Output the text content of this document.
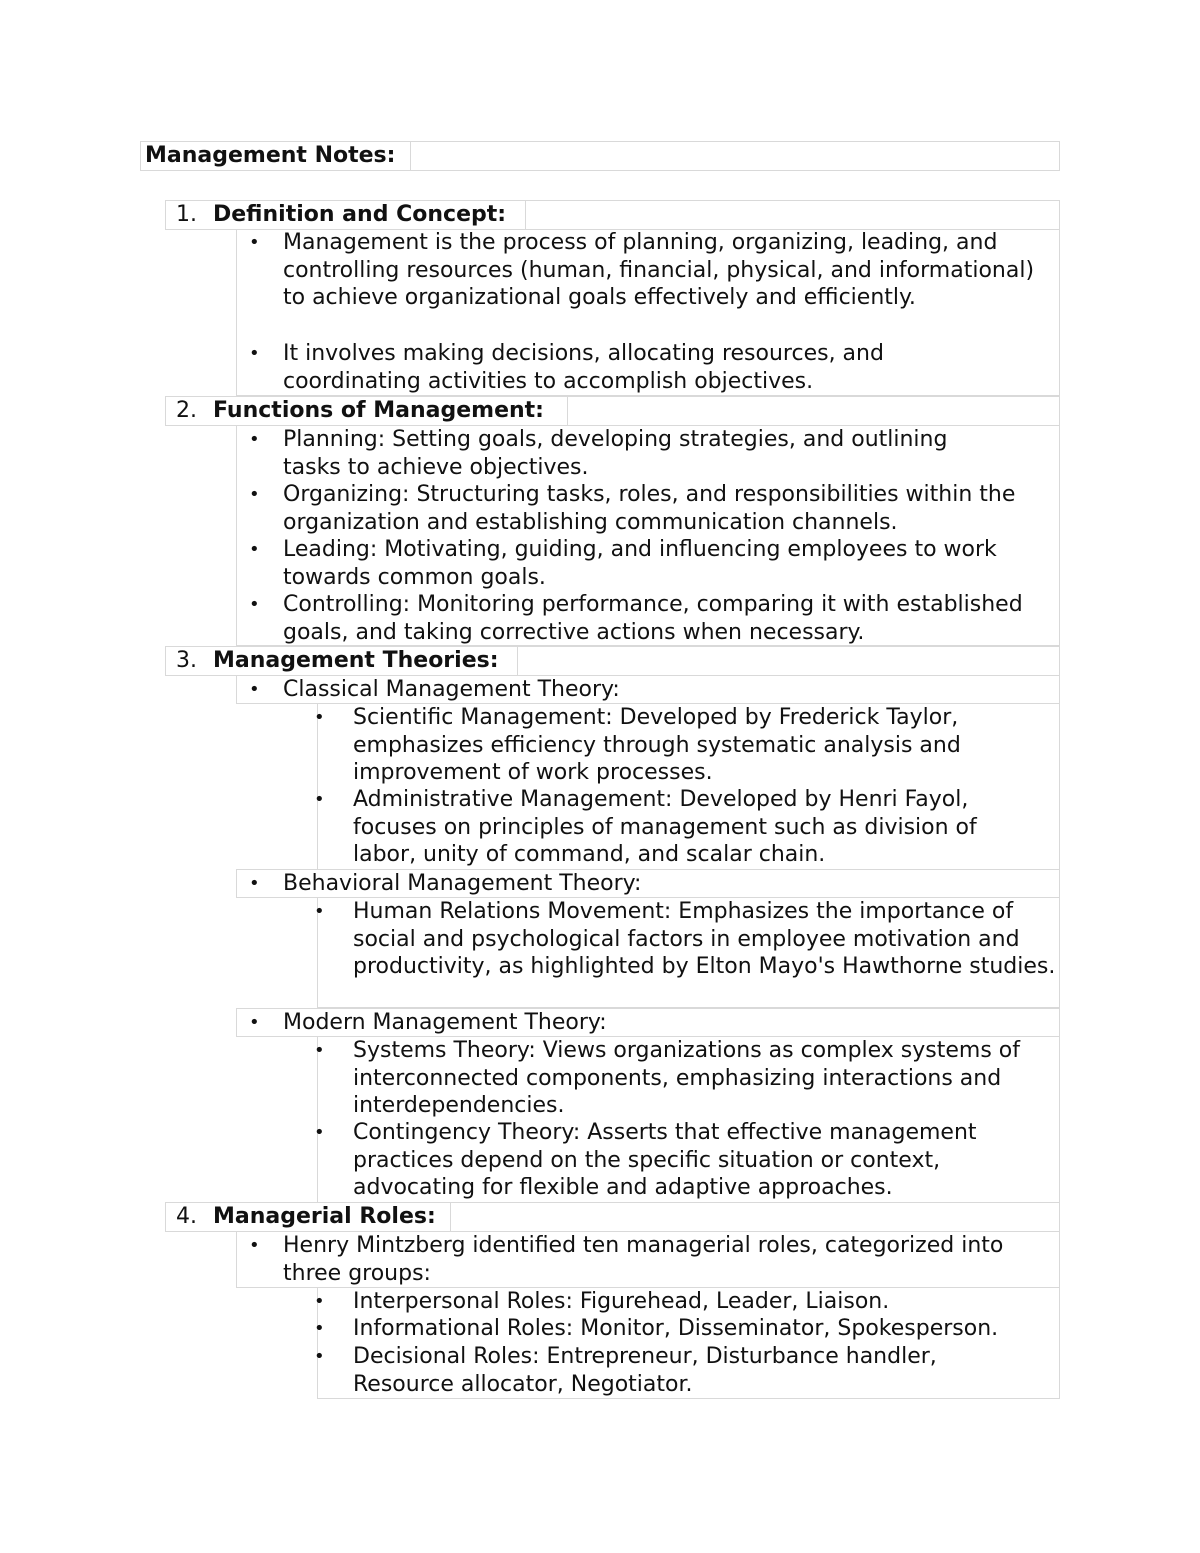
Management Notes:
1. Definition and Concept:
• Management is the process of planning, organizing, leading, and controlling resources (human, financial, physical, and informational) to achieve organizational goals effectively and efficiently.
• It involves making decisions, allocating resources, and coordinating activities to accomplish objectives.
2. Functions of Management:
• Planning: Setting goals, developing strategies, and outlining tasks to achieve objectives.
• Organizing: Structuring tasks, roles, and responsibilities within the organization and establishing communication channels.
• Leading: Motivating, guiding, and influencing employees to work towards common goals.
• Controlling: Monitoring performance, comparing it with established goals, and taking corrective actions when necessary.
3. Management Theories:
• Classical Management Theory:
• Scientific Management: Developed by Frederick Taylor, emphasizes efficiency through systematic analysis and improvement of work processes.
• Administrative Management: Developed by Henri Fayol, focuses on principles of management such as division of labor, unity of command, and scalar chain.
• Behavioral Management Theory:
• Human Relations Movement: Emphasizes the importance of social and psychological factors in employee motivation and productivity, as highlighted by Elton Mayo's Hawthorne studies.
• Modern Management Theory:
• Systems Theory: Views organizations as complex systems of interconnected components, emphasizing interactions and interdependencies.
• Contingency Theory: Asserts that effective management practices depend on the specific situation or context, advocating for flexible and adaptive approaches.
4. Managerial Roles:
• Henry Mintzberg identified ten managerial roles, categorized into three groups:
• Interpersonal Roles: Figurehead, Leader, Liaison.
• Informational Roles: Monitor, Disseminator, Spokesperson.
• Decisional Roles: Entrepreneur, Disturbance handler, Resource allocator, Negotiator.
